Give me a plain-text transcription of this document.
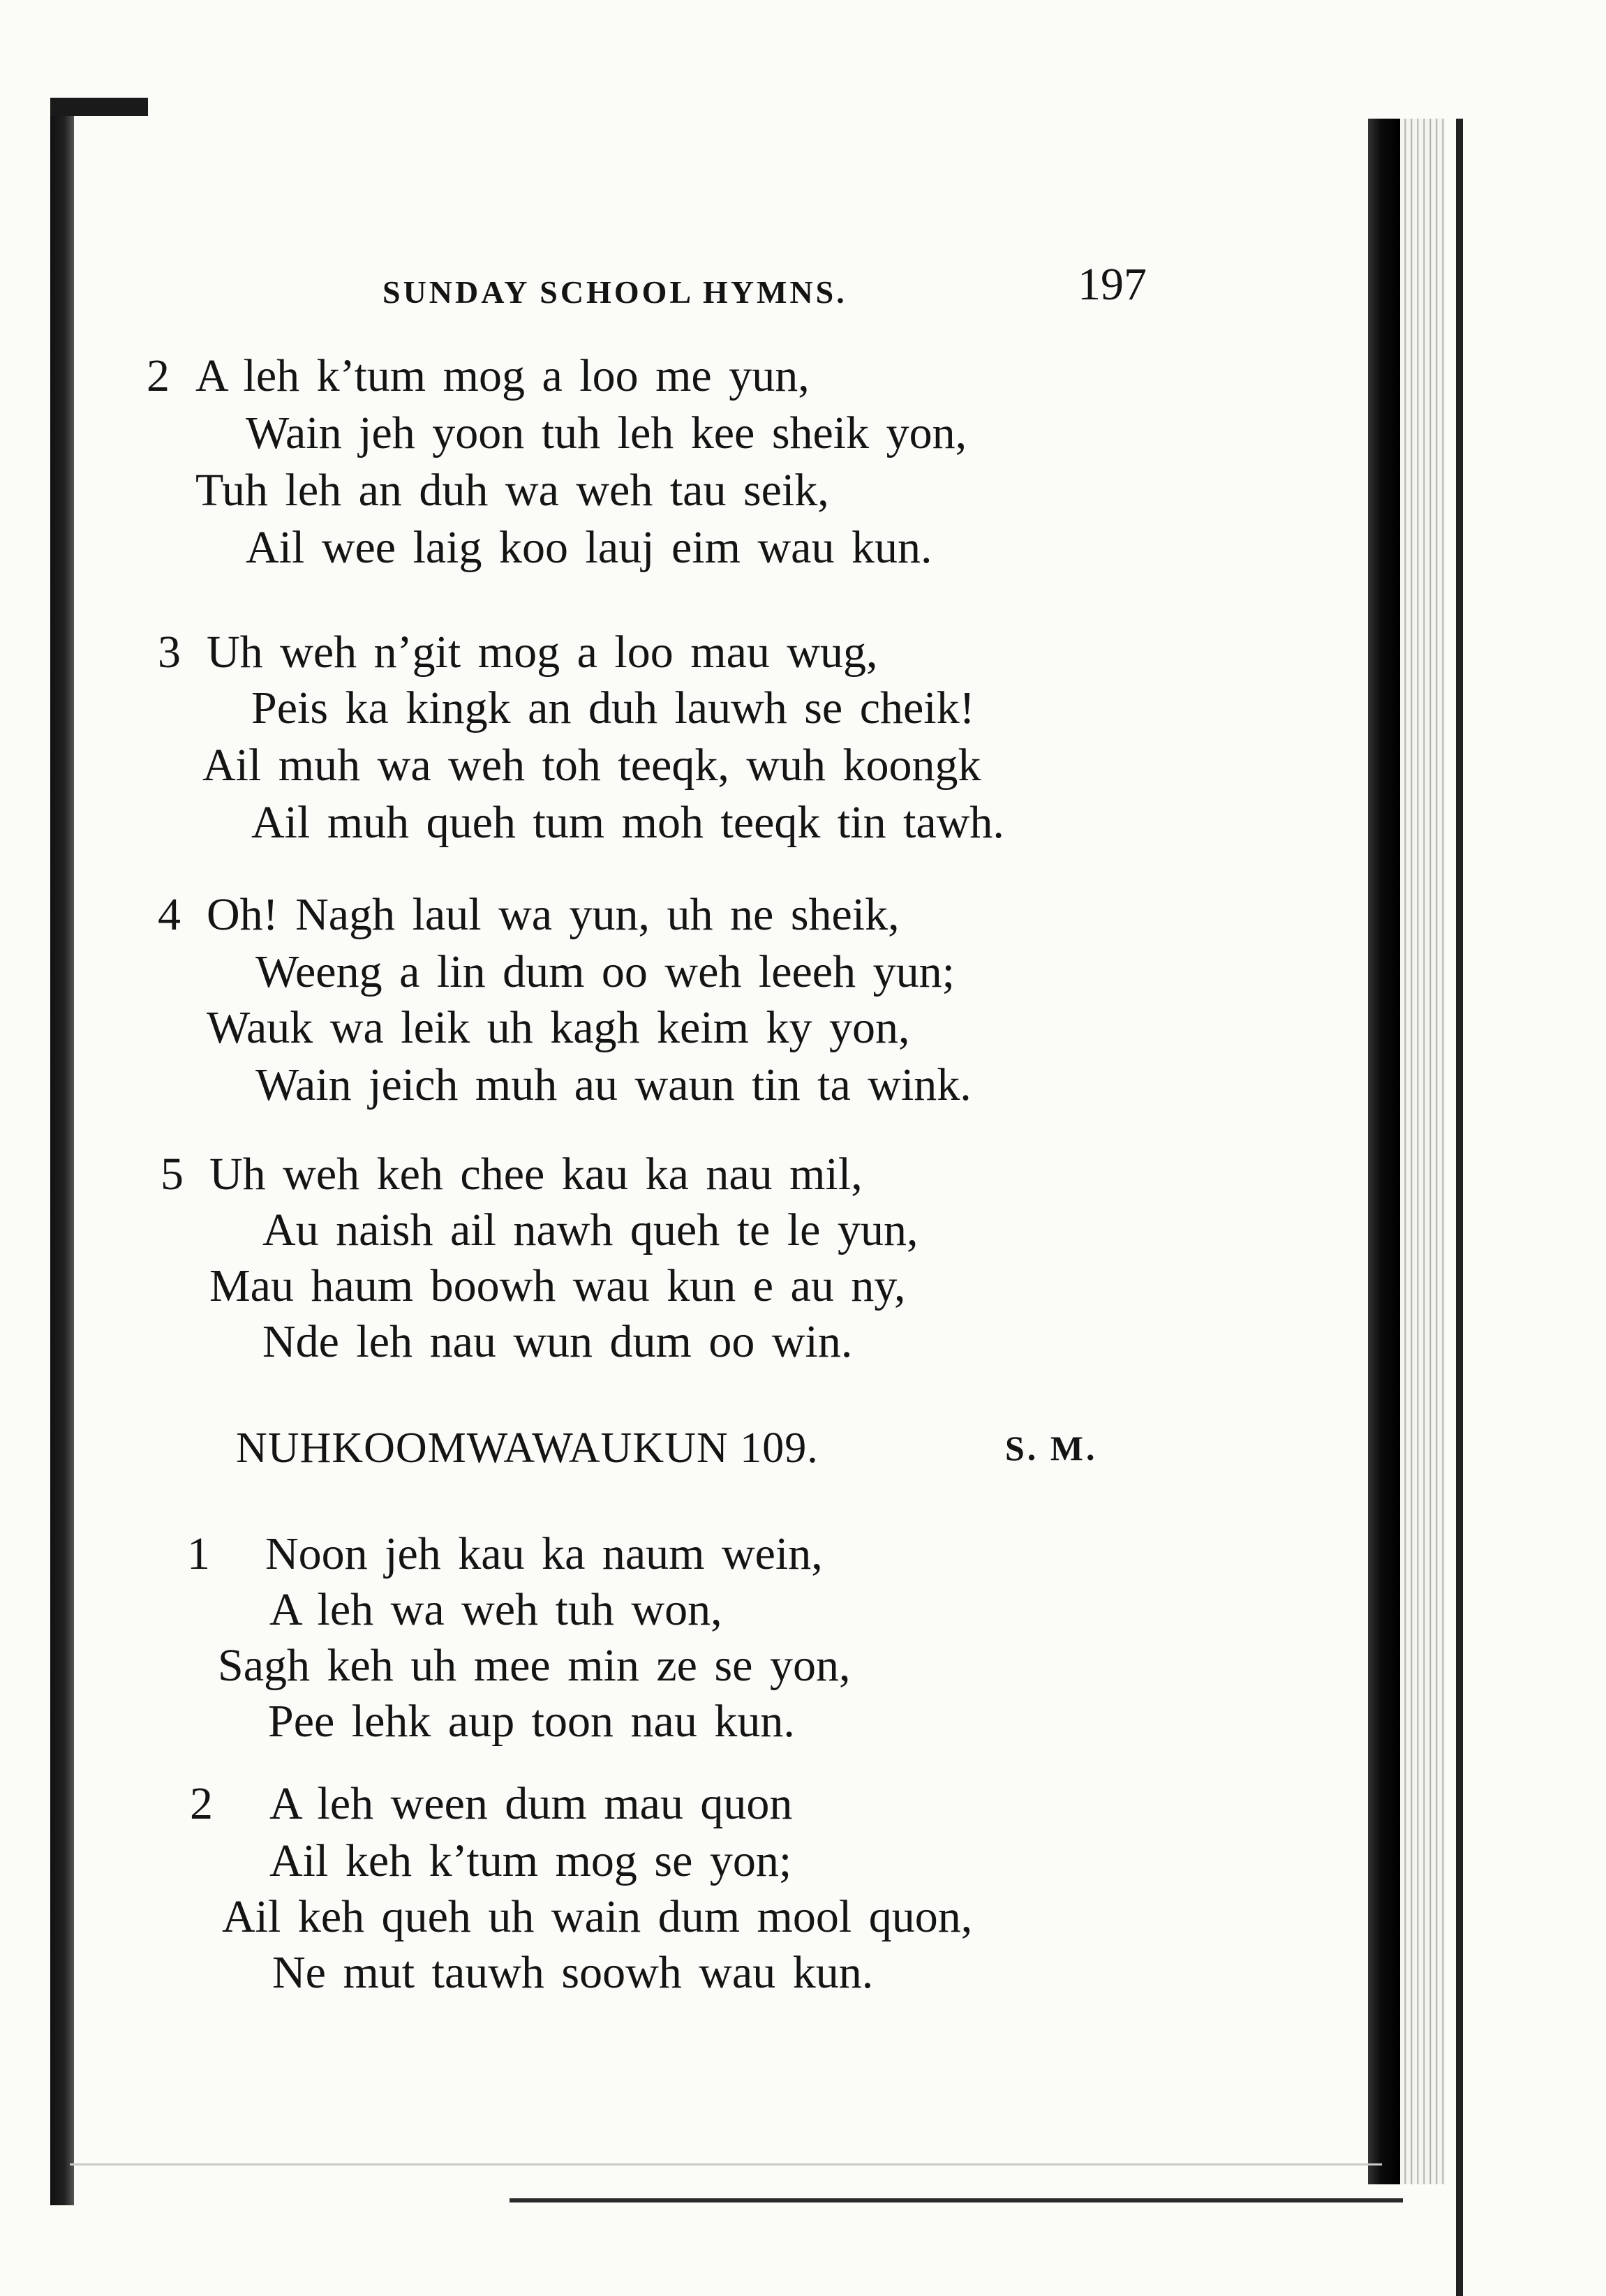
SUNDAY SCHOOL HYMNS.	197
2 A leh k’tum mog a loo me yun,
Wain jeh yoon tuh leh kee sheik yon,
Tuh leh an duh wa weh tau seik,
Ail wee laig koo lauj eim wau kun.
3 Uh weh n’git mog a loo mau wug,
Peis ka kingk an duh lauwh se cheik!
Ail muh wa weh toh teeqk, wuh koongk
Ail muh queh tum moh teeqk tin tawh.
4 Oh! Nagh laul wa yun, uh ne sheik,
Weeng a lin dum oo weh leeeh yun;
Wauk wa leik uh kagh keim ky yon,
Wain jeich muh au waun tin ta wink.
5 Uh weh keh chee kau ka nau mil,
Au naish ail nawh queh te le yun,
Mau haum boowh wau kun e au ny,
Nde leh nau wun dum oo win.
NUHKOOMWAWAUKUN 109.	S. M.
1 Noon jeh kau ka naum wein,
A leh wa weh tuh won,
Sagh keh uh mee min ze se yon,
Pee lehk aup toon nau kun.
2 A leh ween dum mau quon
Ail keh k’tum mog se yon;
Ail keh queh uh wain dum mool quon,
Ne mut tauwh soowh wau kun.
